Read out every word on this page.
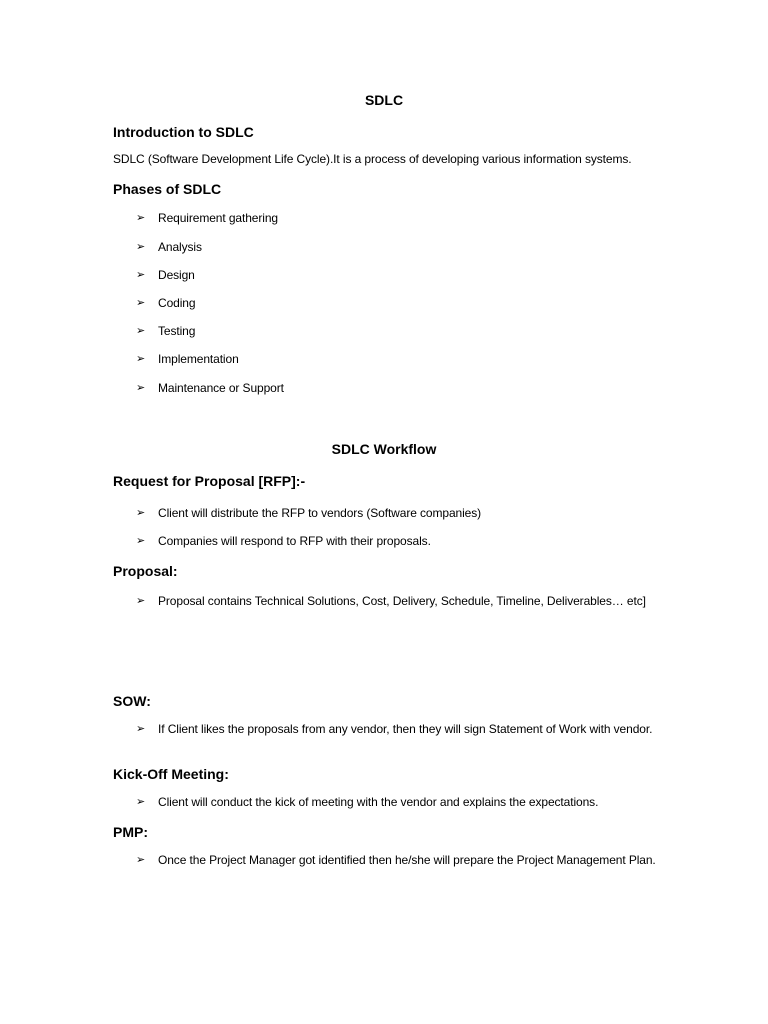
SDLC
Introduction to SDLC
SDLC (Software Development Life Cycle).It is a process of developing various information systems.
Phases of SDLC
➢ Requirement gathering
➢ Analysis
➢ Design
➢ Coding
➢ Testing
➢ Implementation
➢ Maintenance or Support
SDLC Workflow
Request for Proposal [RFP]:-
➢ Client will distribute the RFP to vendors (Software companies)
➢ Companies will respond to RFP with their proposals.
Proposal:
➢ Proposal contains Technical Solutions, Cost, Delivery, Schedule, Timeline, Deliverables… etc]
SOW:
➢ If Client likes the proposals from any vendor, then they will sign Statement of Work with vendor.
Kick-Off Meeting:
➢ Client will conduct the kick of meeting with the vendor and explains the expectations.
PMP:
➢ Once the Project Manager got identified then he/she will prepare the Project Management Plan.
